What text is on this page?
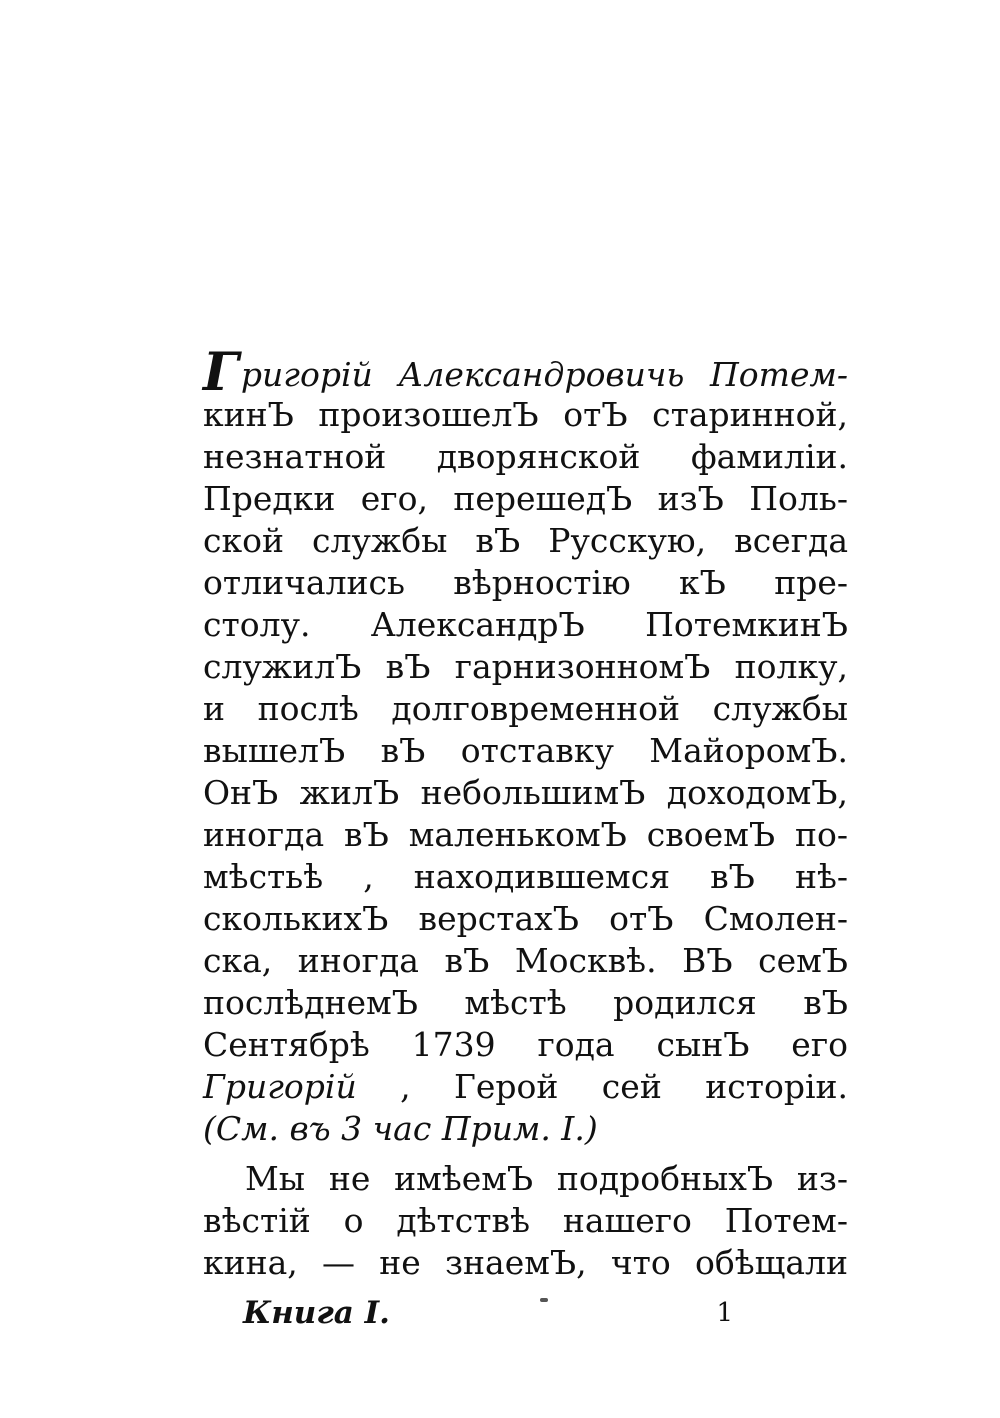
Григорій Александровичь Потем-
кинЪ произошелЪ отЪ старинной,
незнатной дворянской фамиліи.
Предки его, перешедЪ изЪ Поль-
ской службы вЪ Русскую, всегда
отличались вѣрностію кЪ пре-
столу. АлександрЪ ПотемкинЪ
служилЪ вЪ гарнизонномЪ полку,
и послѣ долговременной службы
вышелЪ вЪ отставку МайоромЪ.
ОнЪ жилЪ небольшимЪ доходомЪ,
иногда вЪ маленькомЪ своемЪ по-
мѣстьѣ , находившемся вЪ нѣ-
сколькихЪ верстахЪ отЪ Смолен-
ска, иногда вЪ Москвѣ. ВЪ семЪ
послѣднемЪ мѣстѣ родился вЪ
Сентябрѣ 1739 года сынЪ его
Григорій , Герой сей исторіи.
(См. въ 3 час Прим. I.)
Мы не имѣемЪ подробныхЪ из-
вѣстій о дѣтствѣ нашего Потем-
кина, — не знаемЪ, что обѣщали
Книга I.	1
